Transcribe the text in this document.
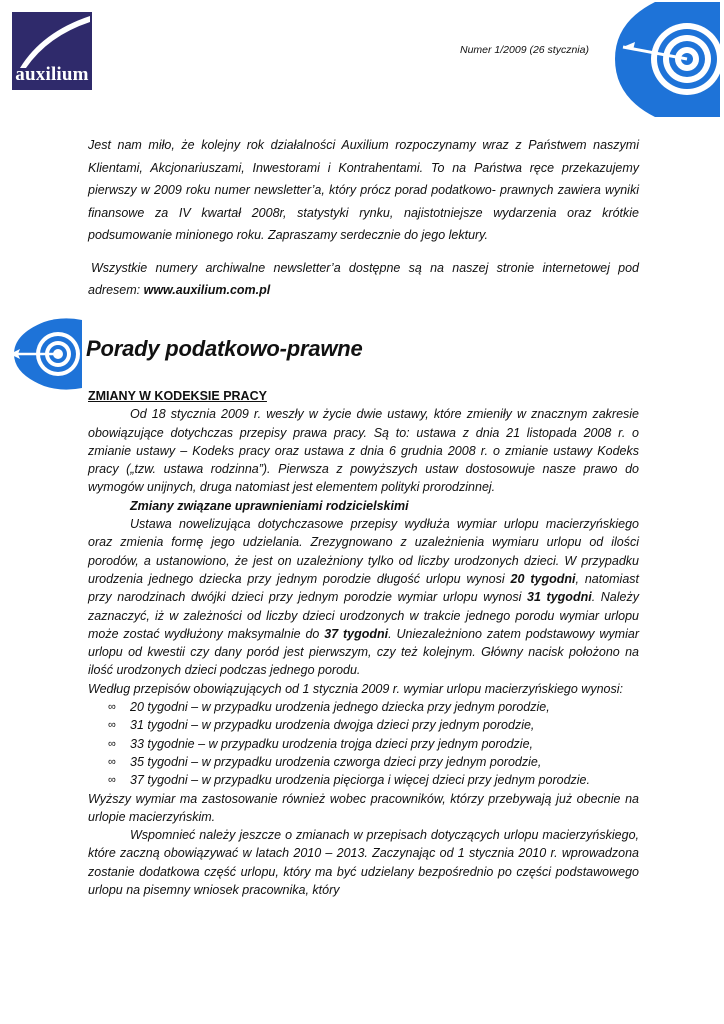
auxilium
Numer 1/2009 (26 stycznia)

Jest nam miło, że kolejny rok działalności Auxilium rozpoczynamy wraz z Państwem naszymi Klientami, Akcjonariuszami, Inwestorami i Kontrahentami. To na Państwa ręce przekazujemy pierwszy w 2009 roku numer newsletter’a, który prócz porad podatkowo- prawnych zawiera wyniki finansowe za IV kwartał 2008r, statystyki rynku, najistotniejsze wydarzenia oraz krótkie podsumowanie minionego roku. Zapraszamy serdecznie do jego lektury.

Wszystkie numery archiwalne newsletter’a dostępne są na naszej stronie internetowej pod adresem: www.auxilium.com.pl

Porady podatkowo-prawne

ZMIANY W KODEKSIE PRACY

Od 18 stycznia 2009 r. weszły w życie dwie ustawy, które zmieniły w znacznym zakresie obowiązujące dotychczas przepisy prawa pracy. Są to: ustawa z dnia 21 listopada 2008 r. o zmianie ustawy – Kodeks pracy oraz ustawa z dnia 6 grudnia 2008 r. o zmianie ustawy Kodeks pracy („tzw. ustawa rodzinna”). Pierwsza z powyższych ustaw dostosowuje nasze prawo do wymogów unijnych, druga natomiast jest elementem polityki prorodzinnej.

Zmiany związane uprawnieniami rodzicielskimi

Ustawa nowelizująca dotychczasowe przepisy wydłuża wymiar urlopu macierzyńskiego oraz zmienia formę jego udzielania. Zrezygnowano z uzależnienia wymiaru urlopu od ilości porodów, a ustanowiono, że jest on uzależniony tylko od liczby urodzonych dzieci. W przypadku urodzenia jednego dziecka przy jednym porodzie długość urlopu wynosi 20 tygodni, natomiast przy narodzinach dwójki dzieci przy jednym porodzie wymiar urlopu wynosi 31 tygodni. Należy zaznaczyć, iż w zależności od liczby dzieci urodzonych w trakcie jednego porodu wymiar urlopu może zostać wydłużony maksymalnie do 37 tygodni. Uniezależniono zatem podstawowy wymiar urlopu od kwestii czy dany poród jest pierwszym, czy też kolejnym. Główny nacisk położono na ilość urodzonych dzieci podczas jednego porodu.

Według przepisów obowiązujących od 1 stycznia 2009 r. wymiar urlopu macierzyńskiego wynosi:

∞ 20 tygodni – w przypadku urodzenia jednego dziecka przy jednym porodzie,
∞ 31 tygodni – w przypadku urodzenia dwojga dzieci przy jednym porodzie,
∞ 33 tygodnie – w przypadku urodzenia trojga dzieci przy jednym porodzie,
∞ 35 tygodni – w przypadku urodzenia czworga dzieci przy jednym porodzie,
∞ 37 tygodni – w przypadku urodzenia pięciorga i więcej dzieci przy jednym porodzie.

Wyższy wymiar ma zastosowanie również wobec pracowników, którzy przebywają już obecnie na urlopie macierzyńskim.

Wspomnieć należy jeszcze o zmianach w przepisach dotyczących urlopu macierzyńskiego, które zaczną obowiązywać w latach 2010 – 2013. Zaczynając od 1 stycznia 2010 r. wprowadzona zostanie dodatkowa część urlopu, który ma być udzielany bezpośrednio po części podstawowego urlopu na pisemny wniosek pracownika, który
